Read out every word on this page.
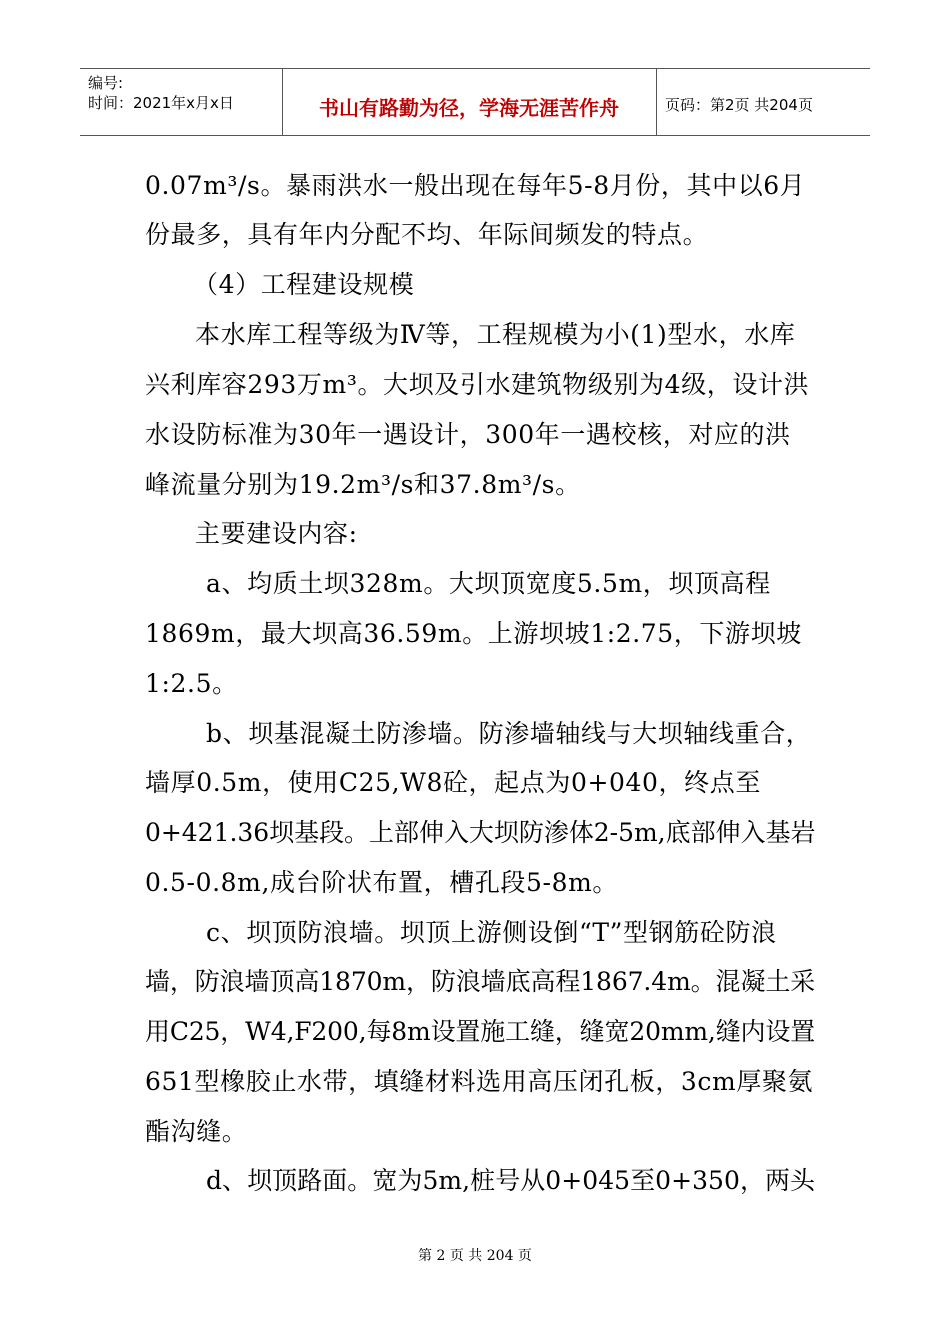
编号:
时间：2021年x月x日	书山有路勤为径，学海无涯苦作舟	页码：第2页 共204页
0.07m³/s。暴雨洪水一般出现在每年5-8月份，其中以6月
份最多，具有年内分配不均、年际间频发的特点。
（4）工程建设规模
本水库工程等级为Ⅳ等，工程规模为小(1)型水，水库
兴利库容293万m³。大坝及引水建筑物级别为4级，设计洪
水设防标准为30年一遇设计，300年一遇校核，对应的洪
峰流量分别为19.2m³/s和37.8m³/s。
主要建设内容:
a、均质土坝328m。大坝顶宽度5.5m，坝顶高程
1869m，最大坝高36.59m。上游坝坡1:2.75，下游坝坡
1:2.5。
b、坝基混凝土防渗墙。防渗墙轴线与大坝轴线重合，
墙厚0.5m，使用C25,W8砼，起点为0+040，终点至
0+421.36坝基段。上部伸入大坝防渗体2-5m,底部伸入基岩
0.5-0.8m,成台阶状布置，槽孔段5-8m。
c、坝顶防浪墙。坝顶上游侧设倒“T”型钢筋砼防浪
墙，防浪墙顶高1870m，防浪墙底高程1867.4m。混凝土采
用C25，W4,F200,每8m设置施工缝，缝宽20mm,缝内设置
651型橡胶止水带，填缝材料选用高压闭孔板，3cm厚聚氨
酯沟缝。
d、坝顶路面。宽为5m,桩号从0+045至0+350，两头
第 2 页 共 204 页
